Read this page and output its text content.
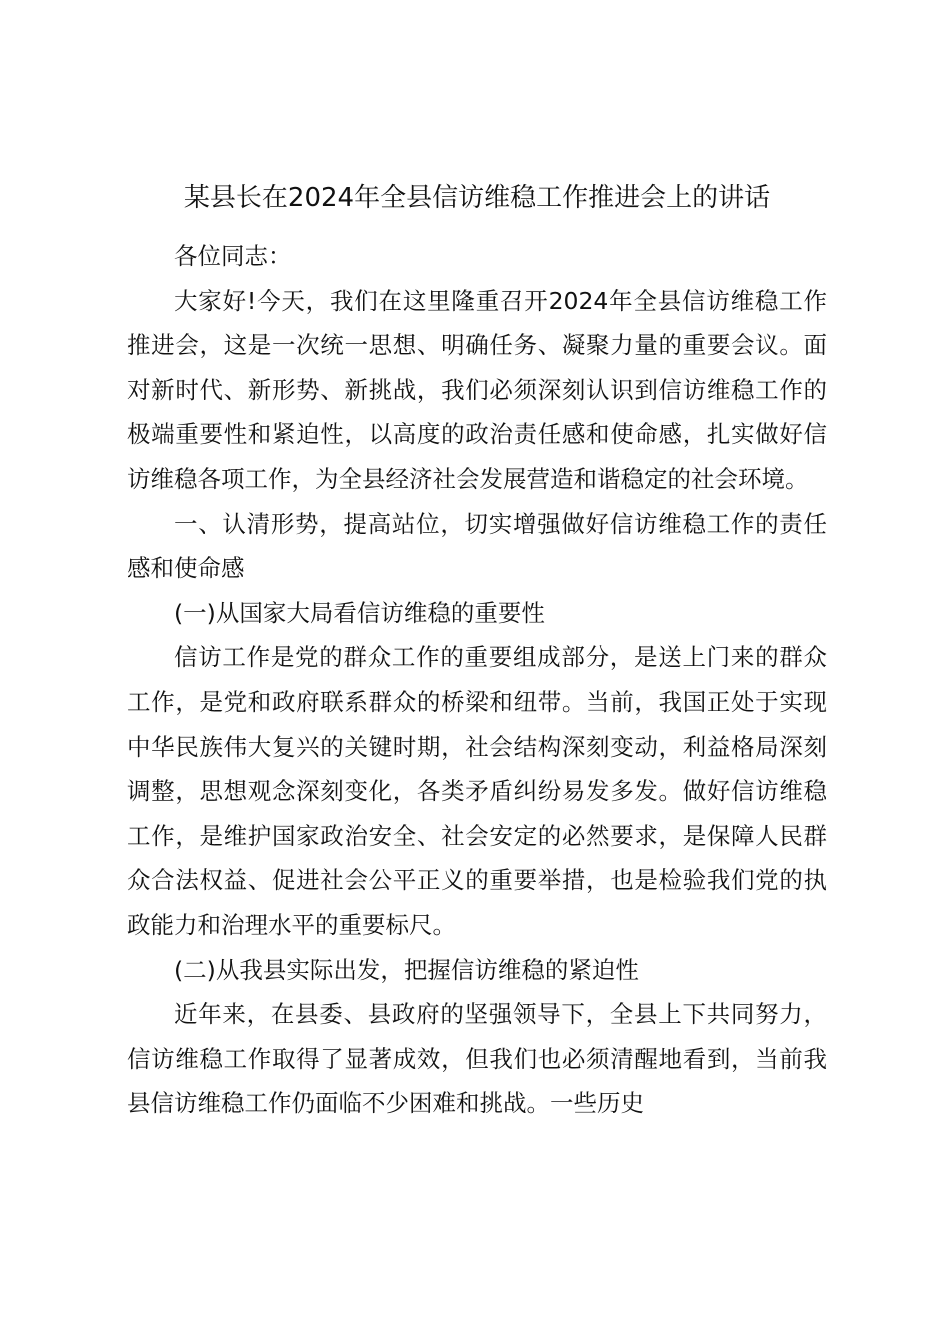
某县长在2024年全县信访维稳工作推进会上的讲话

各位同志：

大家好!今天，我们在这里隆重召开2024年全县信访维稳工作推进会，这是一次统一思想、明确任务、凝聚力量的重要会议。面对新时代、新形势、新挑战，我们必须深刻认识到信访维稳工作的极端重要性和紧迫性，以高度的政治责任感和使命感，扎实做好信访维稳各项工作，为全县经济社会发展营造和谐稳定的社会环境。

一、认清形势，提高站位，切实增强做好信访维稳工作的责任感和使命感

(一)从国家大局看信访维稳的重要性

信访工作是党的群众工作的重要组成部分，是送上门来的群众工作，是党和政府联系群众的桥梁和纽带。当前，我国正处于实现中华民族伟大复兴的关键时期，社会结构深刻变动，利益格局深刻调整，思想观念深刻变化，各类矛盾纠纷易发多发。做好信访维稳工作，是维护国家政治安全、社会安定的必然要求，是保障人民群众合法权益、促进社会公平正义的重要举措，也是检验我们党的执政能力和治理水平的重要标尺。

(二)从我县实际出发，把握信访维稳的紧迫性

近年来，在县委、县政府的坚强领导下，全县上下共同努力，信访维稳工作取得了显著成效，但我们也必须清醒地看到，当前我县信访维稳工作仍面临不少困难和挑战。一些历史
